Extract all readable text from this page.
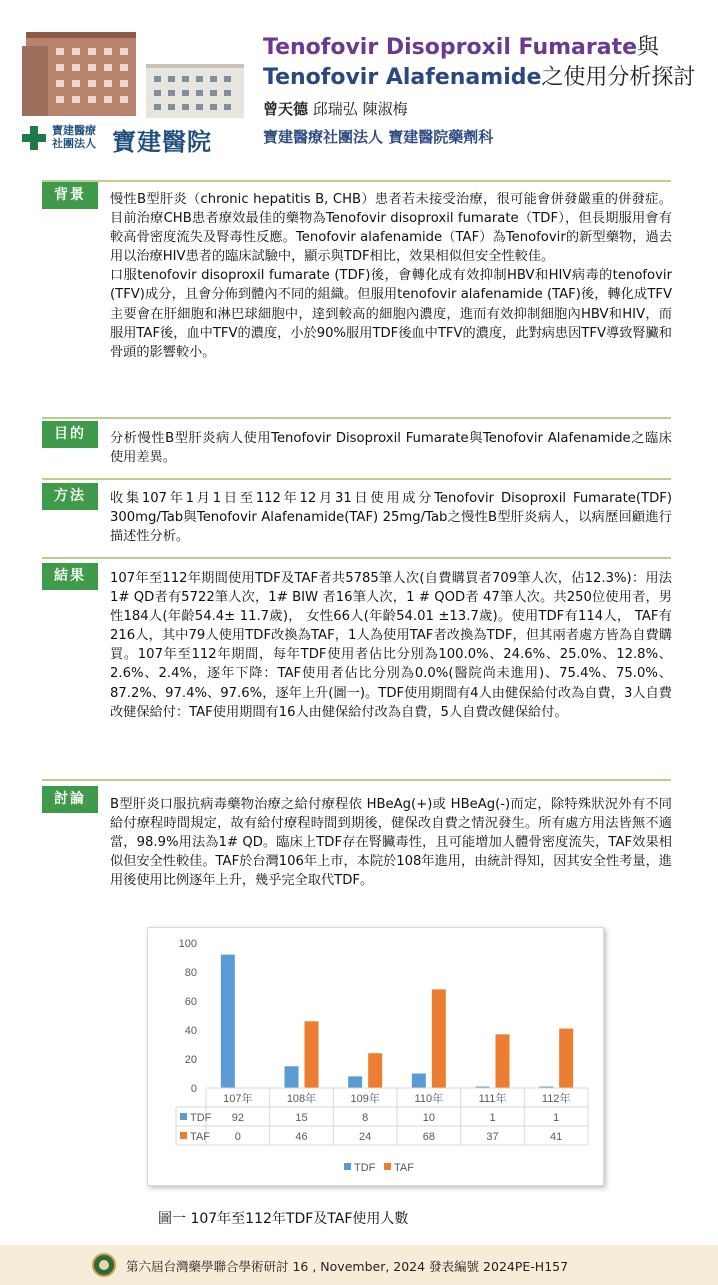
寶建醫療
社團法人 寶建醫院
Tenofovir Disoproxil Fumarate與
Tenofovir Alafenamide之使用分析探討
曾天德 邱瑞弘 陳淑梅
寶建醫療社團法人 寶建醫院藥劑科
背景	慢性B型肝炎（chronic hepatitis B, CHB）患者若未接受治療，很可能會併發嚴重的併發症。目前治療CHB患者療效最佳的藥物為Tenofovir disoproxil fumarate（TDF），但長期服用會有較高骨密度流失及腎毒性反應。Tenofovir alafenamide（TAF）為Tenofovir的新型藥物，過去用以治療HIV患者的臨床試驗中，顯示與TDF相比，效果相似但安全性較佳。

口服tenofovir disoproxil fumarate (TDF)後，會轉化成有效抑制HBV和HIV病毒的tenofovir (TFV)成分，且會分佈到體內不同的組織。但服用tenofovir alafenamide (TAF)後，轉化成TFV主要會在肝細胞和淋巴球細胞中，達到較高的細胞內濃度，進而有效抑制細胞內HBV和HIV，而服用TAF後，血中TFV的濃度，小於90%服用TDF後血中TFV的濃度，此對病患因TFV導致腎臟和骨頭的影響較小。

目的	分析慢性B型肝炎病人使用Tenofovir Disoproxil Fumarate與Tenofovir Alafenamide之臨床使用差異。
方法	收集107年1月1日至112年12月31日使用成分Tenofovir Disoproxil Fumarate(TDF) 300mg/Tab與Tenofovir Alafenamide(TAF) 25mg/Tab之慢性B型肝炎病人，以病歷回顧進行描述性分析。
結果	107年至112年期間使用TDF及TAF者共5785筆人次(自費購買者709筆人次，佔12.3%)：用法1# QD者有5722筆人次，1# BIW 者16筆人次，1 # QOD者 47筆人次。共250位使用者，男性184人(年齡54.4± 11.7歲)， 女性66人(年齡54.01 ±13.7歲)。使用TDF有114人， TAF有216人，其中79人使用TDF改換為TAF，1人為使用TAF者改換為TDF，但其兩者處方皆為自費購買。107年至112年期間，每年TDF使用者佔比分別為100.0%、24.6%、25.0%、12.8%、2.6%、2.4%，逐年下降：TAF使用者佔比分別為0.0%(醫院尚未進用)、75.4%、75.0%、87.2%、97.4%、97.6%，逐年上升(圖一)。TDF使用期間有4人由健保給付改為自費，3人自費改健保給付：TAF使用期間有16人由健保給付改為自費，5人自費改健保給付。
討論	B型肝炎口服抗病毒藥物治療之給付療程依 HBeAg(+)或 HBeAg(-)而定，除特殊狀況外有不同給付療程時間規定，故有給付療程時間到期後，健保改自費之情況發生。所有處方用法皆無不適當，98.9%用法為1# QD。臨床上TDF存在腎臟毒性，且可能增加人體骨密度流失，TAF效果相似但安全性較佳。TAF於台灣106年上市，本院於108年進用，由統計得知，因其安全性考量，進用後使用比例逐年上升，幾乎完全取代TDF。
0
20
40
60
80
100
107年	108年	109年	110年	111年	112年
TDF 92	15	8	10	1	1
TAF 0	46	24	68	37	41
TDF TAF
圖一 107年至112年TDF及TAF使用人數
第六屆台灣藥學聯合學術研討 16 , November, 2024 發表編號 2024PE-H157
